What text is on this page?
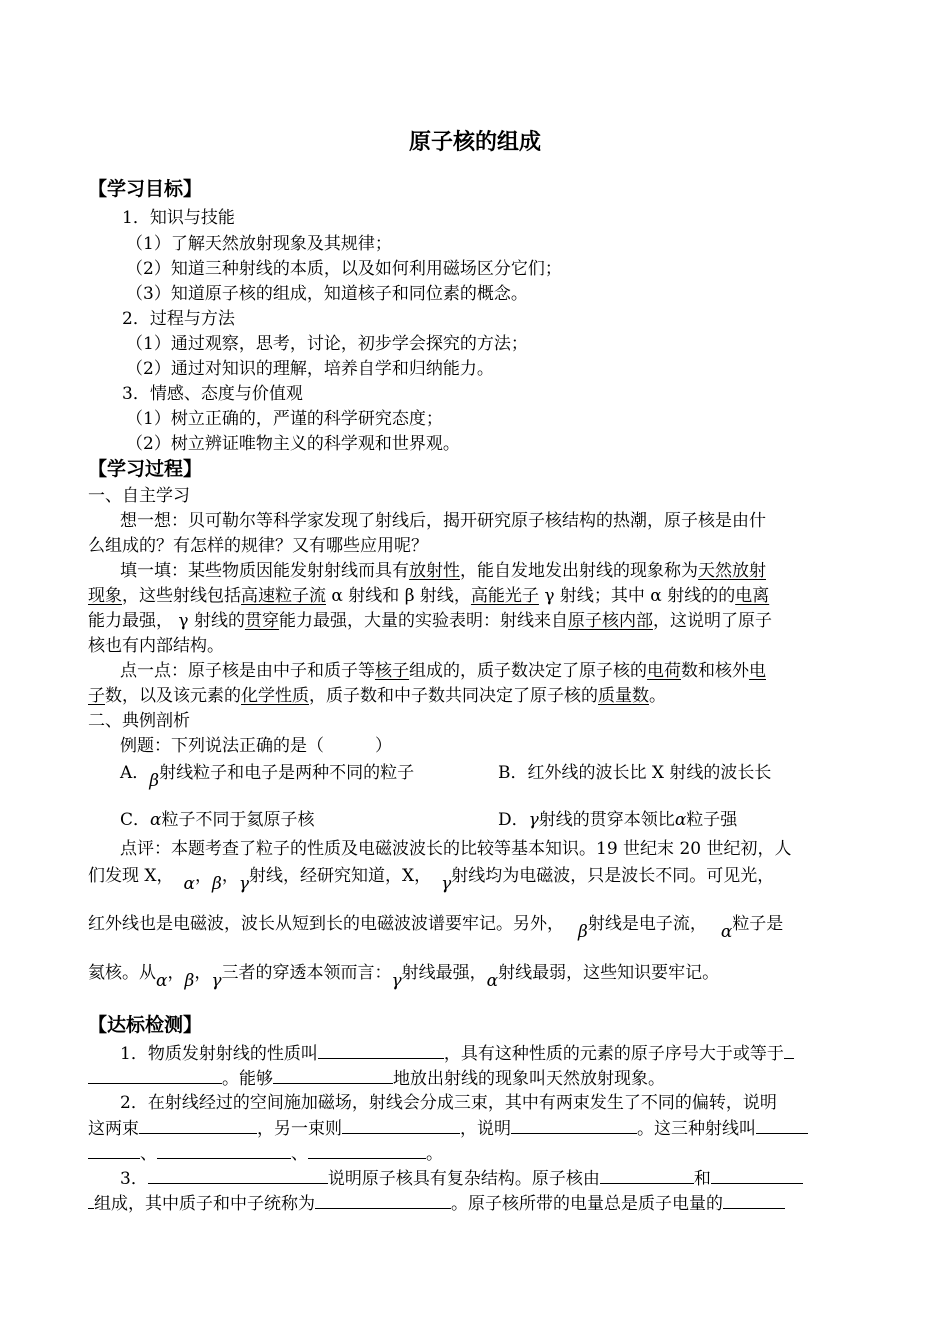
原子核的组成
【学习目标】
1．知识与技能
（1）了解天然放射现象及其规律；
（2）知道三种射线的本质，以及如何利用磁场区分它们；
（3）知道原子核的组成，知道核子和同位素的概念。
2．过程与方法
（1）通过观察，思考，讨论，初步学会探究的方法；
（2）通过对知识的理解，培养自学和归纳能力。
3．情感、态度与价值观
（1）树立正确的，严谨的科学研究态度；
（2）树立辨证唯物主义的科学观和世界观。
【学习过程】
一、自主学习
想一想：贝可勒尔等科学家发现了射线后，揭开研究原子核结构的热潮，原子核是由什
么组成的？有怎样的规律？又有哪些应用呢？
填一填：某些物质因能发射射线而具有放射性，能自发地发出射线的现象称为天然放射
现象，这些射线包括高速粒子流 α 射线和 β 射线，高能光子 γ 射线；其中 α 射线的的电离
能力最强， γ 射线的贯穿能力最强，大量的实验表明：射线来自原子核内部，这说明了原子
核也有内部结构。
点一点：原子核是由中子和质子等核子组成的，质子数决定了原子核的电荷数和核外电
子数，以及该元素的化学性质，质子数和中子数共同决定了原子核的质量数。
二、典例剖析
例题：下列说法正确的是（　　　）
A．β射线粒子和电子是两种不同的粒子	B．红外线的波长比 X 射线的波长长
C．α粒子不同于氦原子核	D．γ射线的贯穿本领比α粒子强
点评：本题考查了粒子的性质及电磁波波长的比较等基本知识。19 世纪末 20 世纪初，人
们发现 X， α，β，γ射线，经研究知道，X， γ射线均为电磁波，只是波长不同。可见光，
红外线也是电磁波，波长从短到长的电磁波波谱要牢记。另外， β射线是电子流， α粒子是
氦核。从α，β，γ三者的穿透本领而言：γ射线最强，α射线最弱，这些知识要牢记。
【达标检测】
1．物质发射射线的性质叫	，具有这种性质的元素的原子序号大于或等于
。能够	地放出射线的现象叫天然放射现象。
2．在射线经过的空间施加磁场，射线会分成三束，其中有两束发生了不同的偏转，说明
这两束	，另一束则	，说明	。这三种射线叫
、	、	。
3．	说明原子核具有复杂结构。原子核由	和
组成，其中质子和中子统称为	。原子核所带的电量总是质子电量的
